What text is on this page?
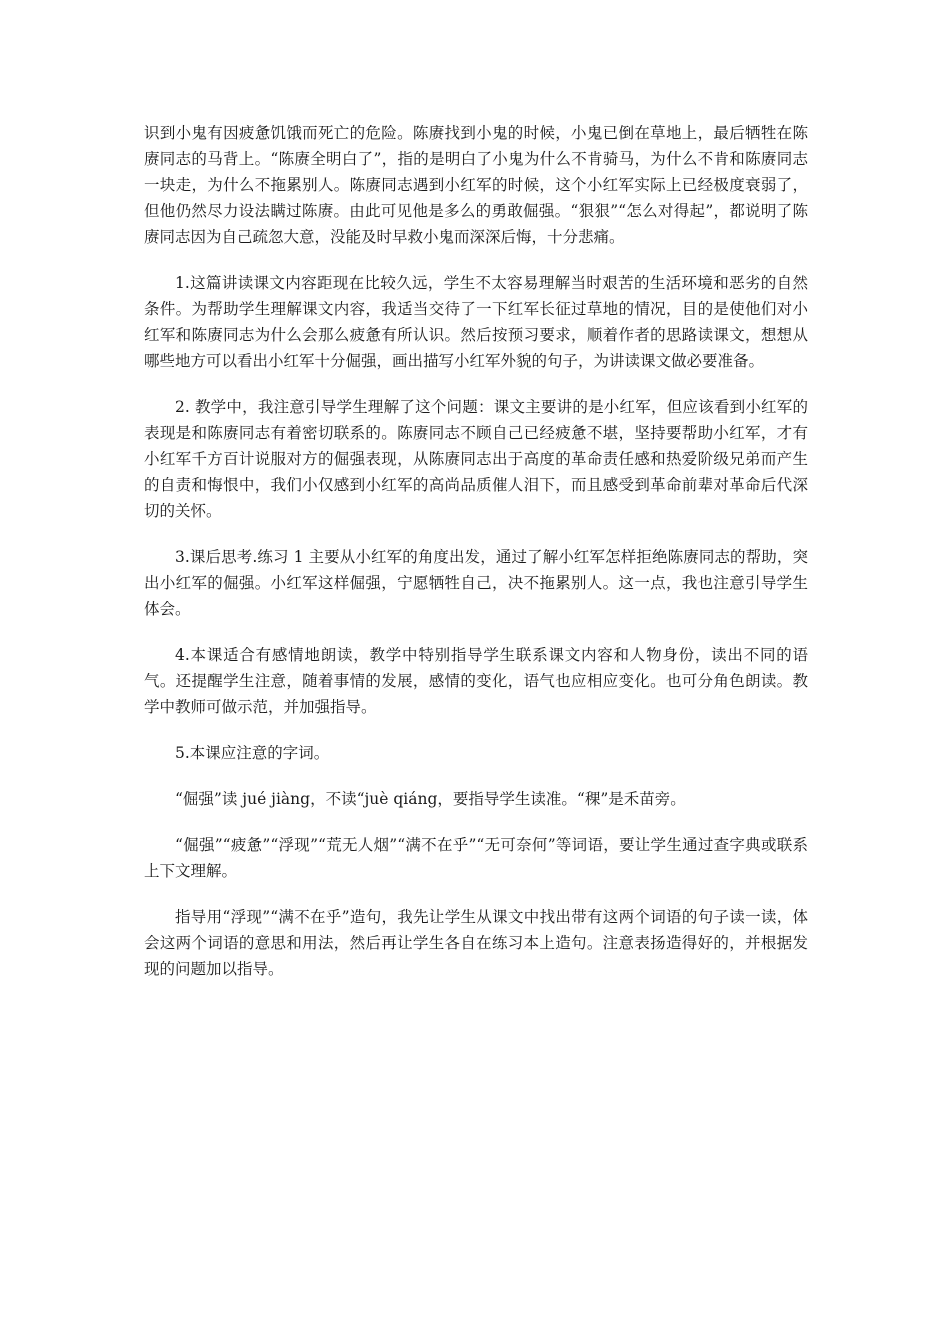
识到小鬼有因疲惫饥饿而死亡的危险。陈赓找到小鬼的时候，小鬼已倒在草地上，最后牺牲在陈赓同志的马背上。“陈赓全明白了”，指的是明白了小鬼为什么不肯骑马，为什么不肯和陈赓同志一块走，为什么不拖累别人。陈赓同志遇到小红军的时候，这个小红军实际上已经极度衰弱了，但他仍然尽力设法瞒过陈赓。由此可见他是多么的勇敢倔强。“狠狠”“怎么对得起”，都说明了陈赓同志因为自己疏忽大意，没能及时早救小鬼而深深后悔，十分悲痛。

1.这篇讲读课文内容距现在比较久远，学生不太容易理解当时艰苦的生活环境和恶劣的自然条件。为帮助学生理解课文内容，我适当交待了一下红军长征过草地的情况，目的是使他们对小红军和陈赓同志为什么会那么疲惫有所认识。然后按预习要求，顺着作者的思路读课文，想想从哪些地方可以看出小红军十分倔强，画出描写小红军外貌的句子，为讲读课文做必要准备。

2. 教学中，我注意引导学生理解了这个问题：课文主要讲的是小红军，但应该看到小红军的表现是和陈赓同志有着密切联系的。陈赓同志不顾自己已经疲惫不堪，坚持要帮助小红军，才有小红军千方百计说服对方的倔强表现，从陈赓同志出于高度的革命责任感和热爱阶级兄弟而产生的自责和悔恨中，我们小仅感到小红军的高尚品质催人泪下，而且感受到革命前辈对革命后代深切的关怀。

3.课后思考.练习 1 主要从小红军的角度出发，通过了解小红军怎样拒绝陈赓同志的帮助，突出小红军的倔强。小红军这样倔强，宁愿牺牲自己，决不拖累别人。这一点，我也注意引导学生体会。

4.本课适合有感情地朗读，教学中特别指导学生联系课文内容和人物身份，读出不同的语气。还提醒学生注意，随着事情的发展，感情的变化，语气也应相应变化。也可分角色朗读。教学中教师可做示范，并加强指导。

5.本课应注意的字词。

“倔强”读 jué jiàng，不读“juè qiáng，要指导学生读准。“稞”是禾苗旁。

“倔强”“疲惫”“浮现”“荒无人烟”“满不在乎”“无可奈何”等词语，要让学生通过查字典或联系上下文理解。

指导用“浮现”“满不在乎”造句，我先让学生从课文中找出带有这两个词语的句子读一读，体会这两个词语的意思和用法，然后再让学生各自在练习本上造句。注意表扬造得好的，并根据发现的问题加以指导。
